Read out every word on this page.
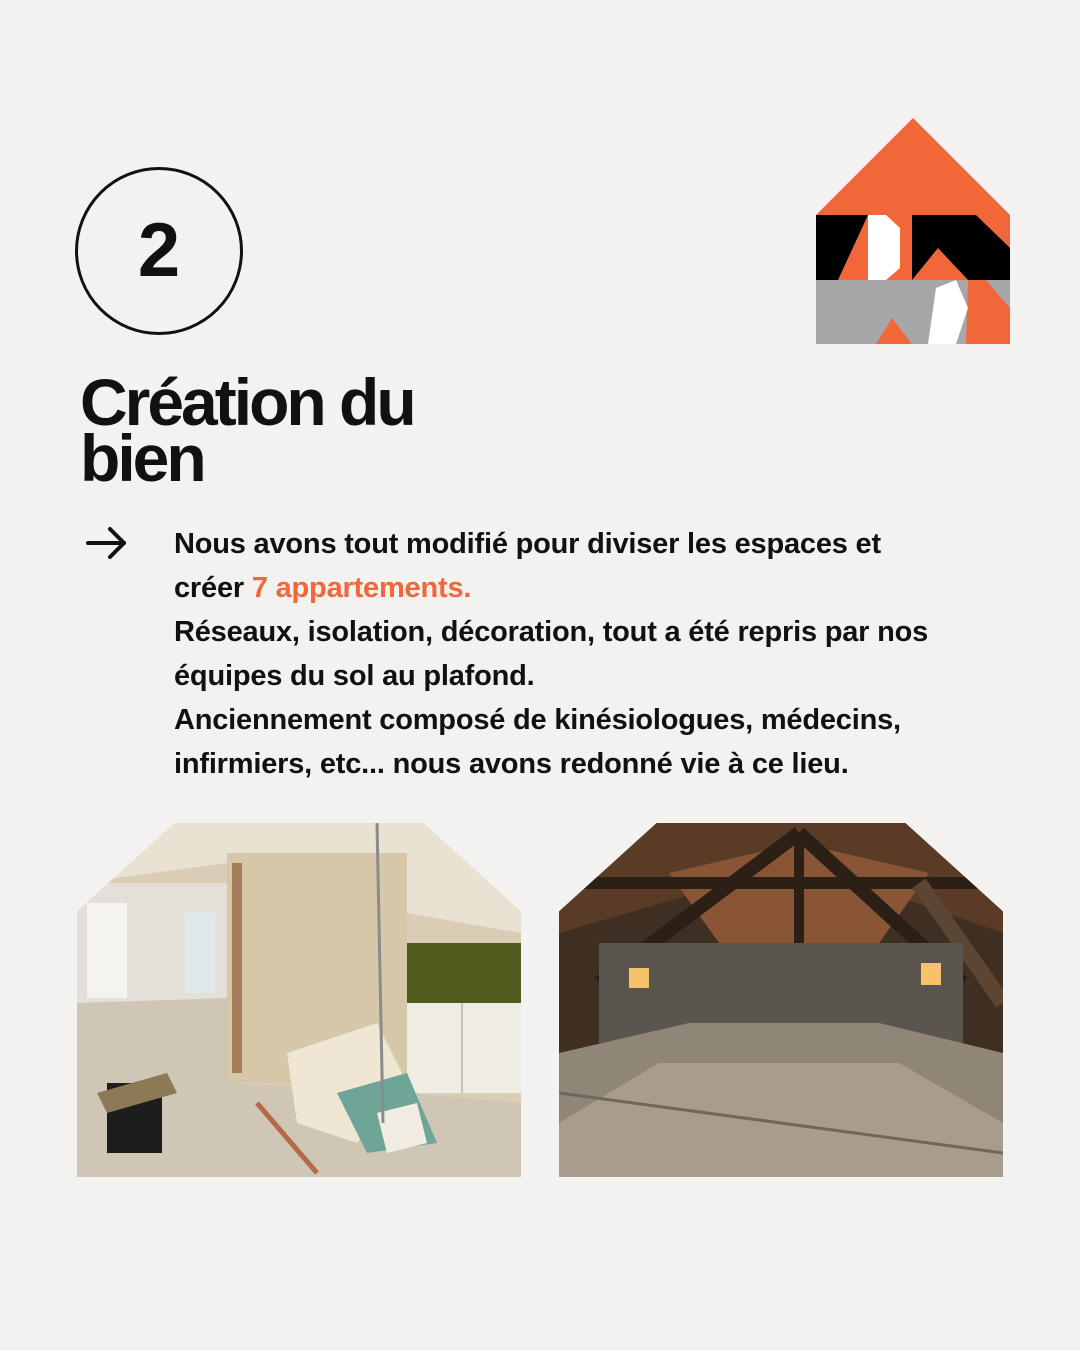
2
Création du
bien

Nous avons tout modifié pour diviser les espaces et
créer 7 appartements.

Réseaux, isolation, décoration, tout a été repris par nos équipes du sol au plafond.

Anciennement composé de kinésiologues, médecins, infirmiers, etc... nous avons redonné vie à ce lieu.
